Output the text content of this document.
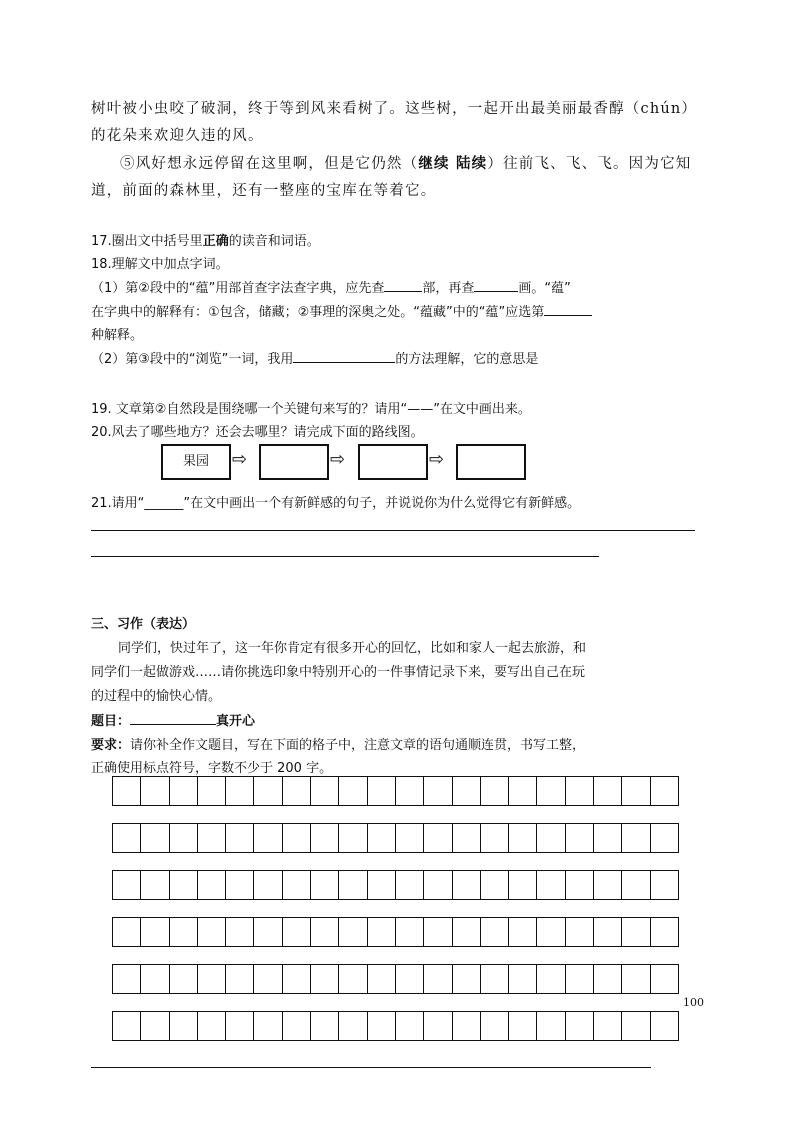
树叶被小虫咬了破洞，终于等到风来看树了。这些树，一起开出最美丽最香醇（chún）
的花朵来欢迎久违的风。
⑤风好想永远停留在这里啊，但是它仍然（继续 陆续）往前飞、飞、飞。因为它知
道，前面的森林里，还有一整座的宝库在等着它。
17.圈出文中括号里正确的读音和词语。
18.理解文中加点字词。
（1）第②段中的“蕴”用部首查字法查字典，应先查	部，再查	画。“蕴”
在字典中的解释有：①包含，储藏；②事理的深奥之处。“蕴藏”中的“蕴”应选第
种解释。
（2）第③段中的“浏览”一词，我用	的方法理解，它的意思是
19. 文章第②自然段是围绕哪一个关键句来写的？请用“——”在文中画出来。
20.风去了哪些地方？还会去哪里？请完成下面的路线图。
果园	⇨	⇨	⇨
21.请用“______”在文中画出一个有新鲜感的句子，并说说你为什么觉得它有新鲜感。
三、习作（表达）
同学们，快过年了，这一年你肯定有很多开心的回忆，比如和家人一起去旅游，和
同学们一起做游戏……请你挑选印象中特别开心的一件事情记录下来，要写出自己在玩
的过程中的愉快心情。
题目：	真开心
要求：请你补全作文题目，写在下面的格子中，注意文章的语句通顺连贯，书写工整，
正确使用标点符号，字数不少于 200 字。
100
